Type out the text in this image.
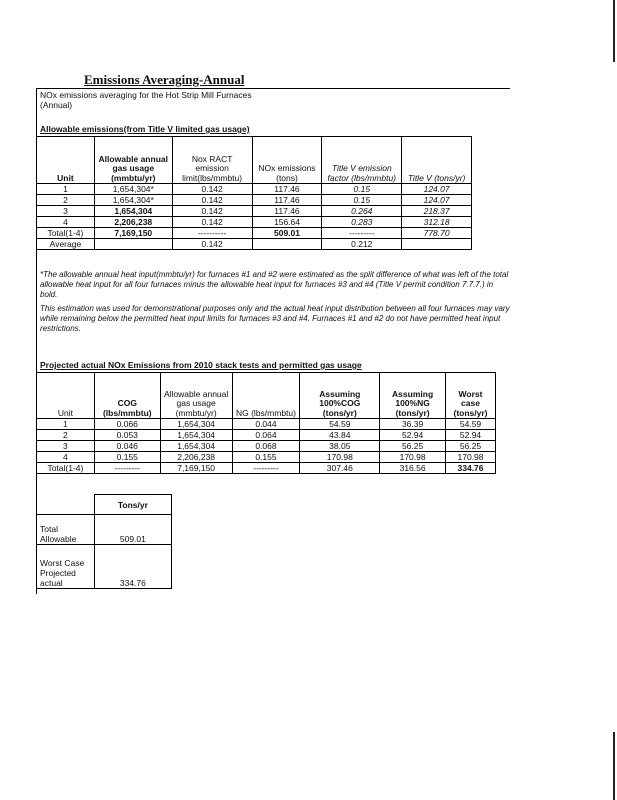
Emissions Averaging-Annual
NOx emissions averaging for the Hot Strip Mill Furnaces
(Annual)
Allowable emissions(from Title V limited gas usage)
Unit	Allowable annual gas usage (mmbtu/yr)	Nox RACT emission limit(lbs/mmbtu)	NOx emissions (tons)	Title V emission factor (lbs/mmbtu)	Title V (tons/yr)
1	1,654,304*	0.142	117.46	0.15	124.07
2	1,654,304*	0.142	117.46	0.15	124.07
3	1,654,304	0.142	117.46	0.264	218.37
4	2,206,238	0.142	156.64	0.283	312.18
Total(1-4)	7,169,150	----------	509.01	---------	778.70
Average		0.142		0.212	
*The allowable annual heat input(mmbtu/yr) for furnaces #1 and #2 were estimated as the split difference of what was left of the total allowable heat input for all four furnaces minus the allowable heat input for furnaces #3 and #4 (Title V permit condition 7.7.7.) in bold.
This estimation was used for demonstrational purposes only and the actual heat input distribution between all four furnaces may vary while remaining below the permitted heat input limits for furnaces #3 and #4. Furnaces #1 and #2 do not have permitted heat input restrictions.
Projected actual NOx Emissions from 2010 stack tests and permitted gas usage
Unit	COG (lbs/mmbtu)	Allowable annual gas usage (mmbtu/yr)	NG (lbs/mmbtu)	Assuming 100%COG (tons/yr)	Assuming 100%NG (tons/yr)	Worst case (tons/yr)
1	0.066	1,654,304	0.044	54.59	36.39	54.59
2	0.053	1,654,304	0.064	43.84	52.94	52.94
3	0.046	1,654,304	0.068	38.05	56.25	56.25
4	0.155	2,206,238	0.155	170.98	170.98	170.98
Total(1-4)	---------	7,169,150	---------	307.46	316.56	334.76
	Tons/yr
Total Allowable	509.01
Worst Case Projected actual	334.76
